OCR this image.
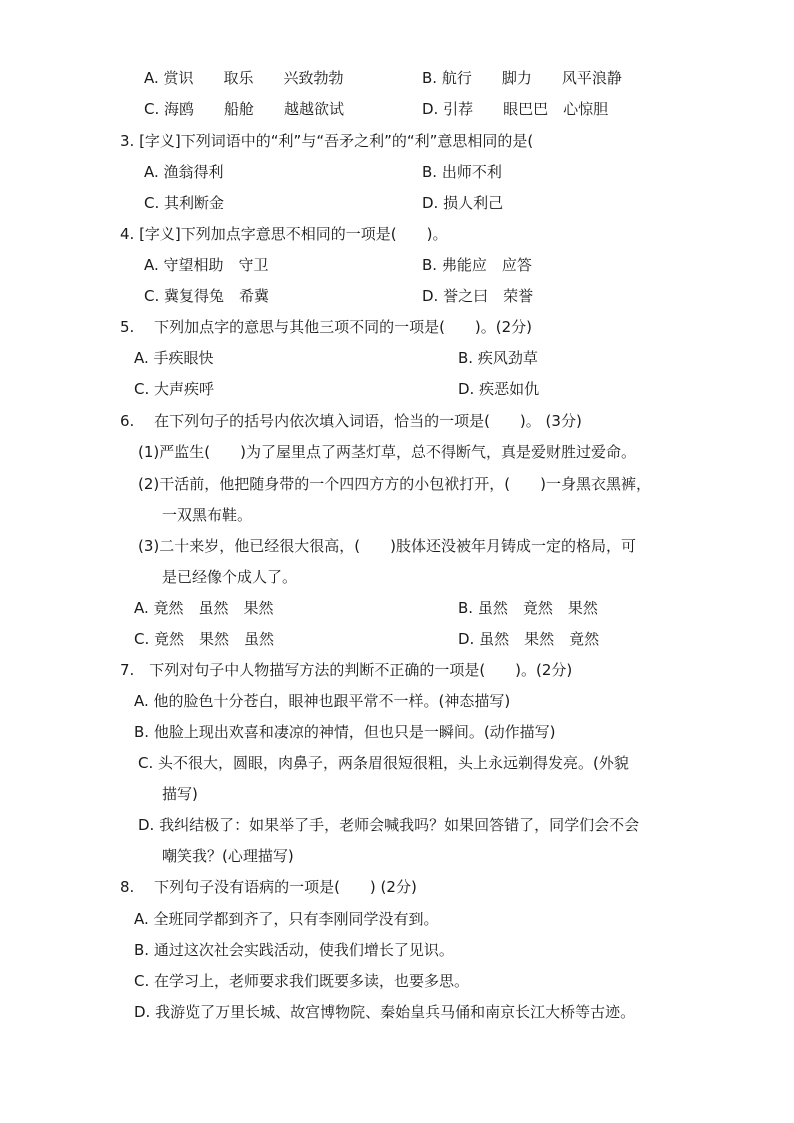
A. 赏识　　取乐　　兴致勃勃	B. 航行　　脚力　　风平浪静
C. 海鸥　　船舱　　越越欲试	D. 引荐　　眼巴巴　心惊胆
3. [字义]下列词语中的“利”与“吾矛之利”的“利”意思相同的是(
A. 渔翁得利	B. 出师不利
C. 其利断金	D. 损人利己
4. [字义]下列加点字意思不相同的一项是(　　)。
A. 守望相助　守卫	B. 弗能应　应答
C. 冀复得兔　希冀	D. 誉之曰　荣誉
5.　 下列加点字的意思与其他三项不同的一项是(　　)。(2分)
A. 手疾眼快	B. 疾风劲草
C. 大声疾呼	D. 疾恶如仇
6.　 在下列句子的括号内依次填入词语，恰当的一项是(　　)。 (3分)
(1)严监生(　　)为了屋里点了两茎灯草，总不得断气，真是爱财胜过爱命。
(2)干活前，他把随身带的一个四四方方的小包袱打开，(　　)一身黑衣黑裤，
一双黑布鞋。
(3)二十来岁，他已经很大很高，(　　)肢体还没被年月铸成一定的格局，可
是已经像个成人了。
A. 竟然　虽然　果然	B. 虽然　竟然　果然
C. 竟然　果然　虽然	D. 虽然　果然　竟然
7.　下列对句子中人物描写方法的判断不正确的一项是(　　)。(2分)
A. 他的脸色十分苍白，眼神也跟平常不一样。(神态描写)
B. 他脸上现出欢喜和凄凉的神情，但也只是一瞬间。(动作描写)
C. 头不很大，圆眼，肉鼻子，两条眉很短很粗，头上永远剃得发亮。(外貌
描写)
D. 我纠结极了：如果举了手，老师会喊我吗？如果回答错了，同学们会不会
嘲笑我？(心理描写)
8.　 下列句子没有语病的一项是(　　) (2分)
A. 全班同学都到齐了，只有李刚同学没有到。
B. 通过这次社会实践活动，使我们增长了见识。
C. 在学习上，老师要求我们既要多读，也要多思。
D. 我游览了万里长城、故宫博物院、秦始皇兵马俑和南京长江大桥等古迹。
